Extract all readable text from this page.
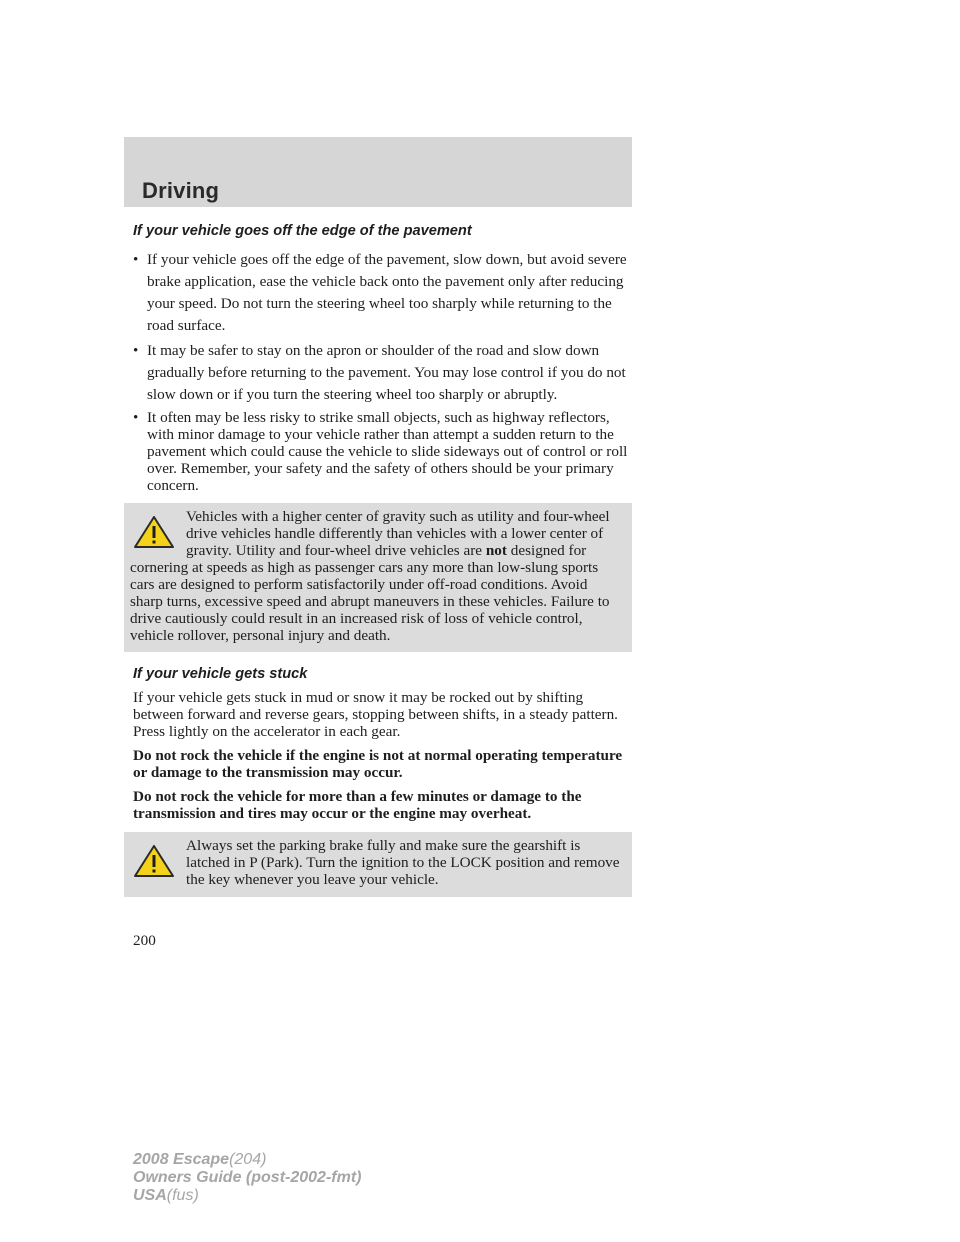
Driving
If your vehicle goes off the edge of the pavement
• If your vehicle goes off the edge of the pavement, slow down, but avoid severe brake application, ease the vehicle back onto the pavement only after reducing your speed. Do not turn the steering wheel too sharply while returning to the road surface.
• It may be safer to stay on the apron or shoulder of the road and slow down gradually before returning to the pavement. You may lose control if you do not slow down or if you turn the steering wheel too sharply or abruptly.
• It often may be less risky to strike small objects, such as highway reflectors, with minor damage to your vehicle rather than attempt a sudden return to the pavement which could cause the vehicle to slide sideways out of control or roll over. Remember, your safety and the safety of others should be your primary concern.
Vehicles with a higher center of gravity such as utility and four-wheel drive vehicles handle differently than vehicles with a lower center of gravity. Utility and four-wheel drive vehicles are not designed for cornering at speeds as high as passenger cars any more than low-slung sports cars are designed to perform satisfactorily under off-road conditions. Avoid sharp turns, excessive speed and abrupt maneuvers in these vehicles. Failure to drive cautiously could result in an increased risk of loss of vehicle control, vehicle rollover, personal injury and death.
If your vehicle gets stuck

If your vehicle gets stuck in mud or snow it may be rocked out by shifting between forward and reverse gears, stopping between shifts, in a steady pattern. Press lightly on the accelerator in each gear.

Do not rock the vehicle if the engine is not at normal operating temperature or damage to the transmission may occur.

Do not rock the vehicle for more than a few minutes or damage to the transmission and tires may occur or the engine may overheat.

Always set the parking brake fully and make sure the gearshift is latched in P (Park). Turn the ignition to the LOCK position and remove the key whenever you leave your vehicle.
200
2008 Escape(204)
Owners Guide (post-2002-fmt)
USA(fus)
